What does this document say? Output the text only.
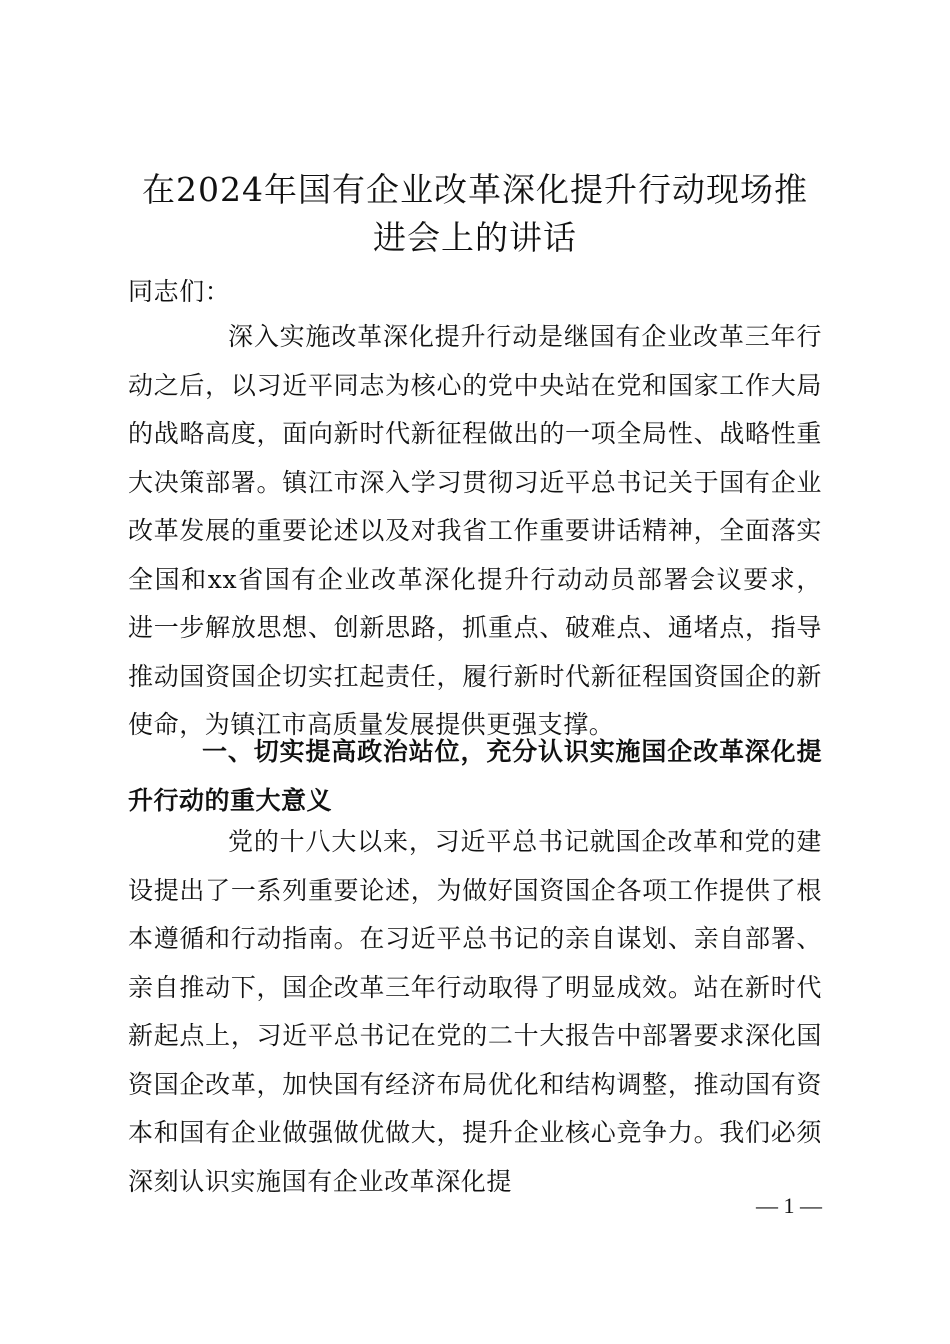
在2024年国有企业改革深化提升行动现场推进会上的讲话
同志们：
深入实施改革深化提升行动是继国有企业改革三年行动之后，以习近平同志为核心的党中央站在党和国家工作大局的战略高度，面向新时代新征程做出的一项全局性、战略性重大决策部署。镇江市深入学习贯彻习近平总书记关于国有企业改革发展的重要论述以及对我省工作重要讲话精神，全面落实全国和xx省国有企业改革深化提升行动动员部署会议要求，进一步解放思想、创新思路，抓重点、破难点、通堵点，指导推动国资国企切实扛起责任，履行新时代新征程国资国企的新使命，为镇江市高质量发展提供更强支撑。
一、切实提高政治站位，充分认识实施国企改革深化提升行动的重大意义
党的十八大以来，习近平总书记就国企改革和党的建设提出了一系列重要论述，为做好国资国企各项工作提供了根本遵循和行动指南。在习近平总书记的亲自谋划、亲自部署、亲自推动下，国企改革三年行动取得了明显成效。站在新时代新起点上，习近平总书记在党的二十大报告中部署要求深化国资国企改革，加快国有经济布局优化和结构调整，推动国有资本和国有企业做强做优做大，提升企业核心竞争力。我们必须深刻认识实施国有企业改革深化提
— 1 —
